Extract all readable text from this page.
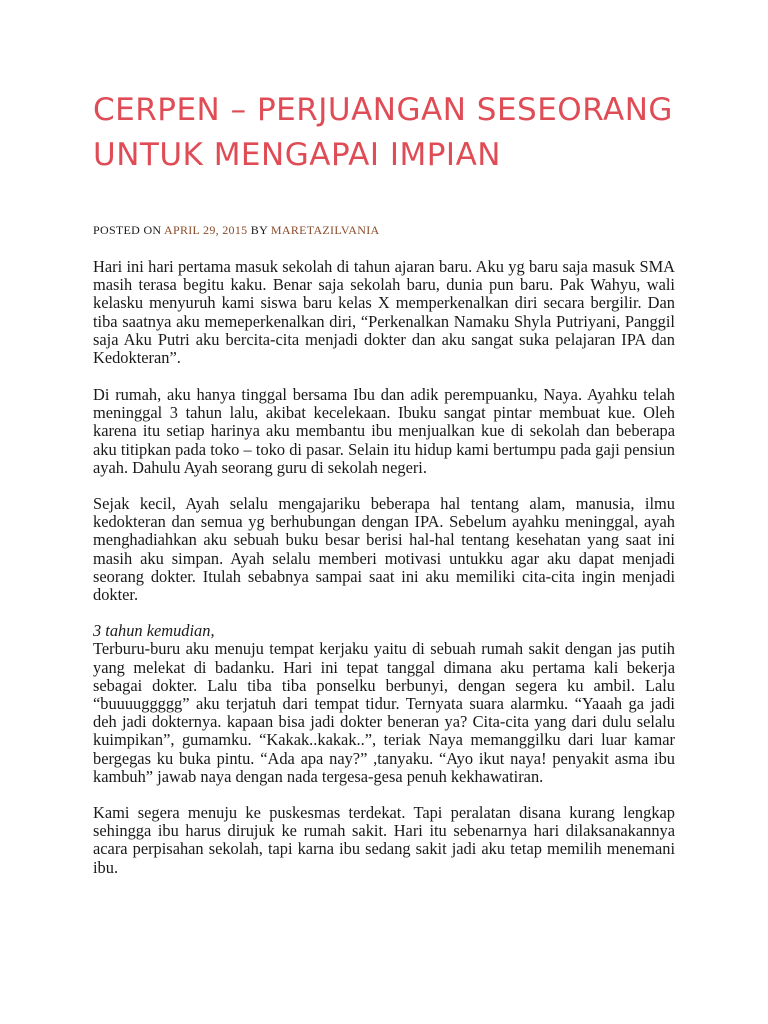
CERPEN – PERJUANGAN SESEORANG UNTUK MENGAPAI IMPIAN
POSTED ON APRIL 29, 2015 BY MARETAZILVANIA

Hari ini hari pertama masuk sekolah di tahun ajaran baru. Aku yg baru saja masuk SMA masih terasa begitu kaku. Benar saja sekolah baru, dunia pun baru. Pak Wahyu, wali kelasku menyuruh kami siswa baru kelas X memperkenalkan diri secara bergilir. Dan tiba saatnya aku memeperkenalkan diri, “Perkenalkan Namaku Shyla Putriyani, Panggil saja Aku Putri aku bercita-cita menjadi dokter dan aku sangat suka pelajaran IPA dan Kedokteran”.

Di rumah, aku hanya tinggal bersama Ibu dan adik perempuanku, Naya. Ayahku telah meninggal 3 tahun lalu, akibat kecelekaan. Ibuku sangat pintar membuat kue. Oleh karena itu setiap harinya aku membantu ibu menjualkan kue di sekolah dan beberapa aku titipkan pada toko – toko di pasar. Selain itu hidup kami bertumpu pada gaji pensiun ayah. Dahulu Ayah seorang guru di sekolah negeri.

Sejak kecil, Ayah selalu mengajariku beberapa hal tentang alam, manusia, ilmu kedokteran dan semua yg berhubungan dengan IPA. Sebelum ayahku meninggal, ayah menghadiahkan aku sebuah buku besar berisi hal-hal tentang kesehatan yang saat ini masih aku simpan. Ayah selalu memberi motivasi untukku agar aku dapat menjadi seorang dokter. Itulah sebabnya sampai saat ini aku memiliki cita-cita ingin menjadi dokter.

3 tahun kemudian,

Terburu-buru aku menuju tempat kerjaku yaitu di sebuah rumah sakit dengan jas putih yang melekat di badanku. Hari ini tepat tanggal dimana aku pertama kali bekerja sebagai dokter. Lalu tiba tiba ponselku berbunyi, dengan segera ku ambil. Lalu “buuuuggggg” aku terjatuh dari tempat tidur. Ternyata suara alarmku. “Yaaah ga jadi deh jadi dokternya. kapaan bisa jadi dokter beneran ya? Cita-cita yang dari dulu selalu kuimpikan”, gumamku. “Kakak..kakak..”, teriak Naya memanggilku dari luar kamar bergegas ku buka pintu. “Ada apa nay?” ,tanyaku. “Ayo ikut naya! penyakit asma ibu kambuh” jawab naya dengan nada tergesa-gesa penuh kekhawatiran.

Kami segera menuju ke puskesmas terdekat. Tapi peralatan disana kurang lengkap sehingga ibu harus dirujuk ke rumah sakit. Hari itu sebenarnya hari dilaksanakannya acara perpisahan sekolah, tapi karna ibu sedang sakit jadi aku tetap memilih menemani ibu.
